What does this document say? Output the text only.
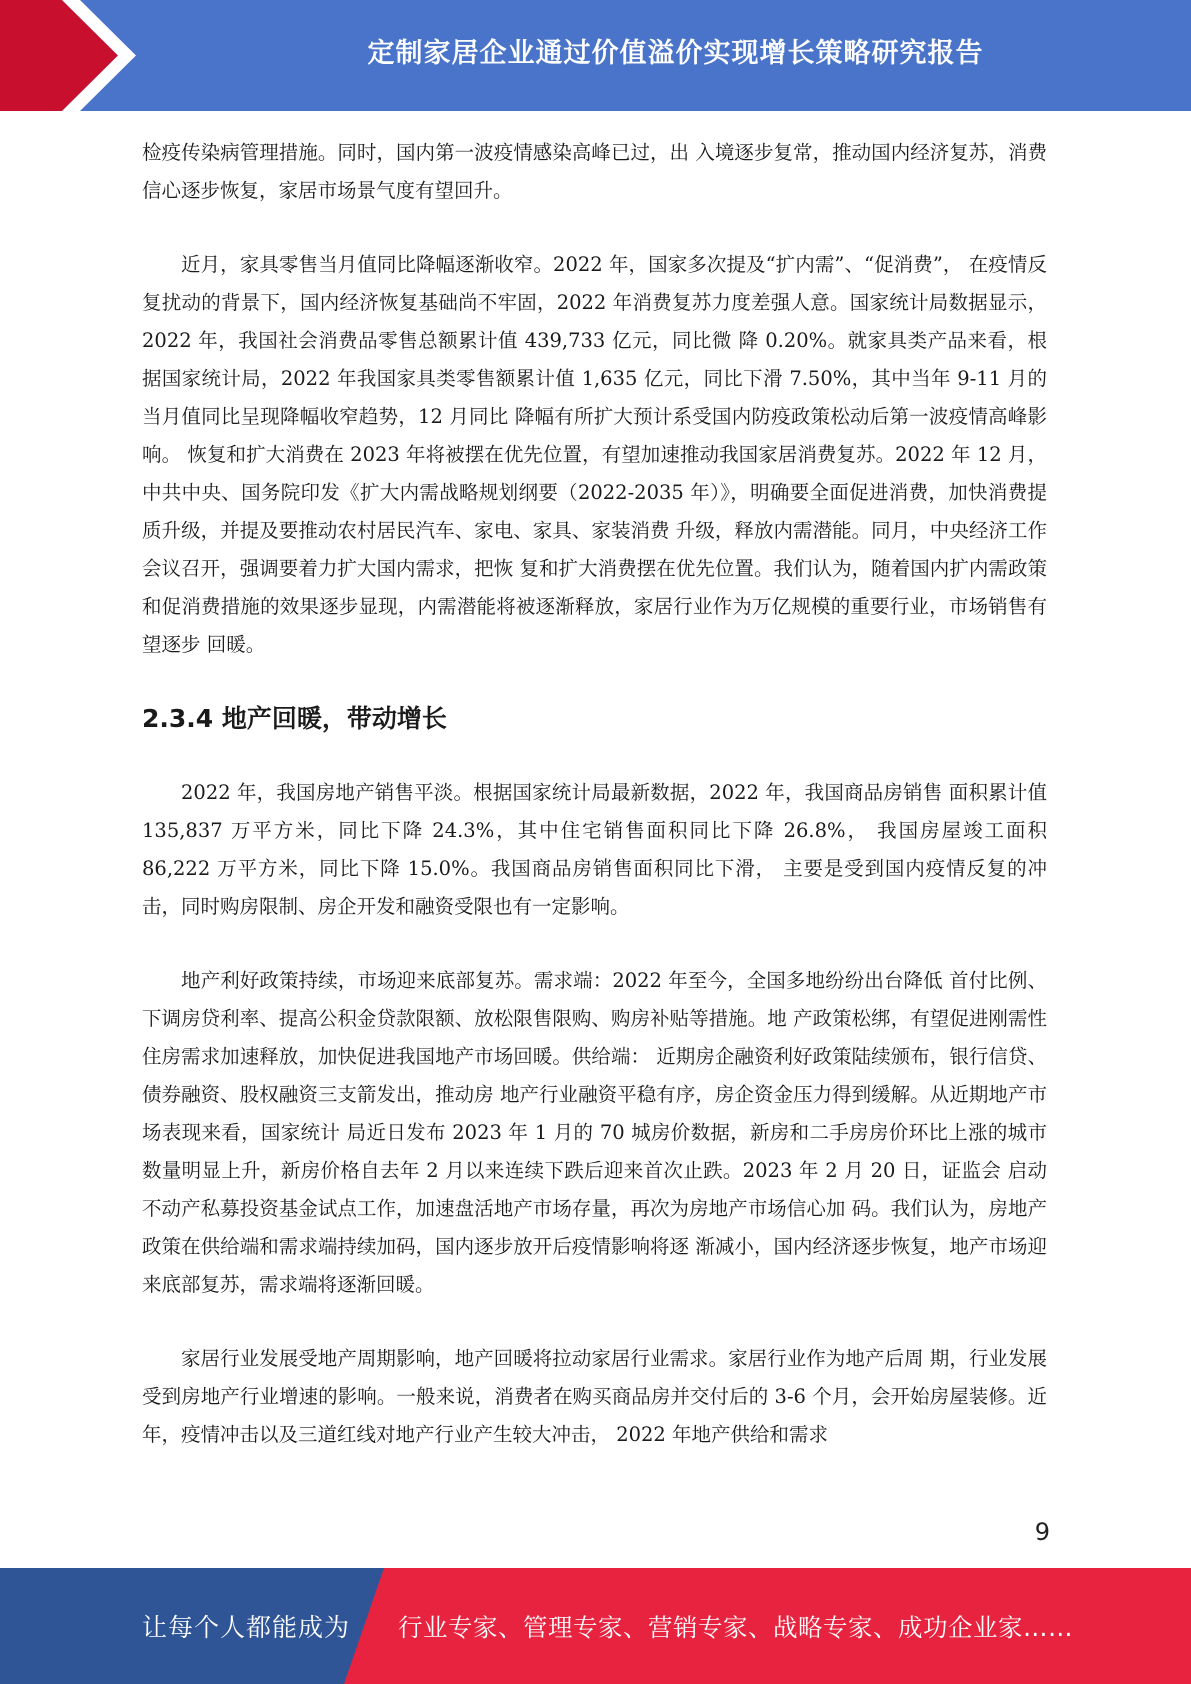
定制家居企业通过价值溢价实现增长策略研究报告

检疫传染病管理措施。同时，国内第一波疫情感染高峰已过，出 入境逐步复常，推动国内经济复苏，消费信心逐步恢复，家居市场景气度有望回升。

近月，家具零售当月值同比降幅逐渐收窄。2022 年，国家多次提及“扩内需”、“促消费”， 在疫情反复扰动的背景下，国内经济恢复基础尚不牢固，2022 年消费复苏力度差强人意。国家统计局数据显示，2022 年，我国社会消费品零售总额累计值 439,733 亿元，同比微 降 0.20%。就家具类产品来看，根据国家统计局，2022 年我国家具类零售额累计值 1,635 亿元，同比下滑 7.50%，其中当年 9-11 月的当月值同比呈现降幅收窄趋势，12 月同比 降幅有所扩大预计系受国内防疫政策松动后第一波疫情高峰影响。 恢复和扩大消费在 2023 年将被摆在优先位置，有望加速推动我国家居消费复苏。2022 年 12 月，中共中央、国务院印发《扩大内需战略规划纲要（2022-2035 年）》，明确要全面促进消费，加快消费提质升级，并提及要推动农村居民汽车、家电、家具、家装消费 升级，释放内需潜能。同月，中央经济工作会议召开，强调要着力扩大国内需求，把恢 复和扩大消费摆在优先位置。我们认为，随着国内扩内需政策和促消费措施的效果逐步显现，内需潜能将被逐渐释放，家居行业作为万亿规模的重要行业，市场销售有望逐步 回暖。

2.3.4 地产回暖，带动增长

2022 年，我国房地产销售平淡。根据国家统计局最新数据，2022 年，我国商品房销售 面积累计值 135,837 万平方米，同比下降 24.3%，其中住宅销售面积同比下降 26.8%， 我国房屋竣工面积 86,222 万平方米，同比下降 15.0%。我国商品房销售面积同比下滑， 主要是受到国内疫情反复的冲击，同时购房限制、房企开发和融资受限也有一定影响。

地产利好政策持续，市场迎来底部复苏。需求端：2022 年至今，全国多地纷纷出台降低 首付比例、下调房贷利率、提高公积金贷款限额、放松限售限购、购房补贴等措施。地 产政策松绑，有望促进刚需性住房需求加速释放，加快促进我国地产市场回暖。供给端： 近期房企融资利好政策陆续颁布，银行信贷、债券融资、股权融资三支箭发出，推动房 地产行业融资平稳有序，房企资金压力得到缓解。从近期地产市场表现来看，国家统计 局近日发布 2023 年 1 月的 70 城房价数据，新房和二手房房价环比上涨的城市数量明显上升，新房价格自去年 2 月以来连续下跌后迎来首次止跌。2023 年 2 月 20 日，证监会 启动不动产私募投资基金试点工作，加速盘活地产市场存量，再次为房地产市场信心加 码。我们认为，房地产政策在供给端和需求端持续加码，国内逐步放开后疫情影响将逐 渐减小，国内经济逐步恢复，地产市场迎来底部复苏，需求端将逐渐回暖。

家居行业发展受地产周期影响，地产回暖将拉动家居行业需求。家居行业作为地产后周 期，行业发展受到房地产行业增速的影响。一般来说，消费者在购买商品房并交付后的 3-6 个月，会开始房屋装修。近年，疫情冲击以及三道红线对地产行业产生较大冲击， 2022 年地产供给和需求

9
让每个人都能成为 行业专家、管理专家、营销专家、战略专家、成功企业家……
